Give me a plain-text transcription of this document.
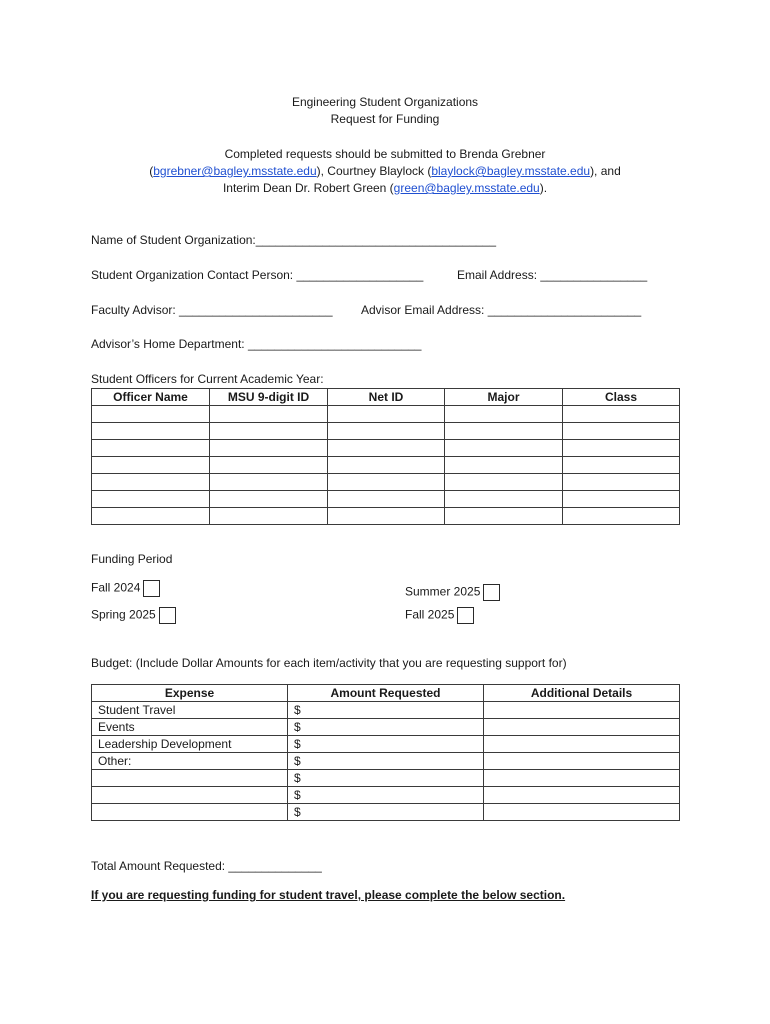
Engineering Student Organizations
Request for Funding
Completed requests should be submitted to Brenda Grebner
(bgrebner@bagley.msstate.edu), Courtney Blaylock (blaylock@bagley.msstate.edu), and
Interim Dean Dr. Robert Green (green@bagley.msstate.edu).
Name of Student Organization:____________________________________
Student Organization Contact Person: ___________________	Email Address: ________________
Faculty Advisor: _______________________ Advisor Email Address: _______________________
Advisor’s Home Department: __________________________
Student Officers for Current Academic Year:
Officer Name	MSU 9-digit ID	Net ID	Major	Class

Funding Period
Fall 2024
Spring 2025
Summer 2025
Fall 2025
Budget: (Include Dollar Amounts for each item/activity that you are requesting support for)
Expense	Amount Requested	Additional Details
Student Travel	$	
Events	$	
Leadership Development	$	
Other:	$	
	$	
	$	
	$	
Total Amount Requested: ______________
If you are requesting funding for student travel, please complete the below section.
